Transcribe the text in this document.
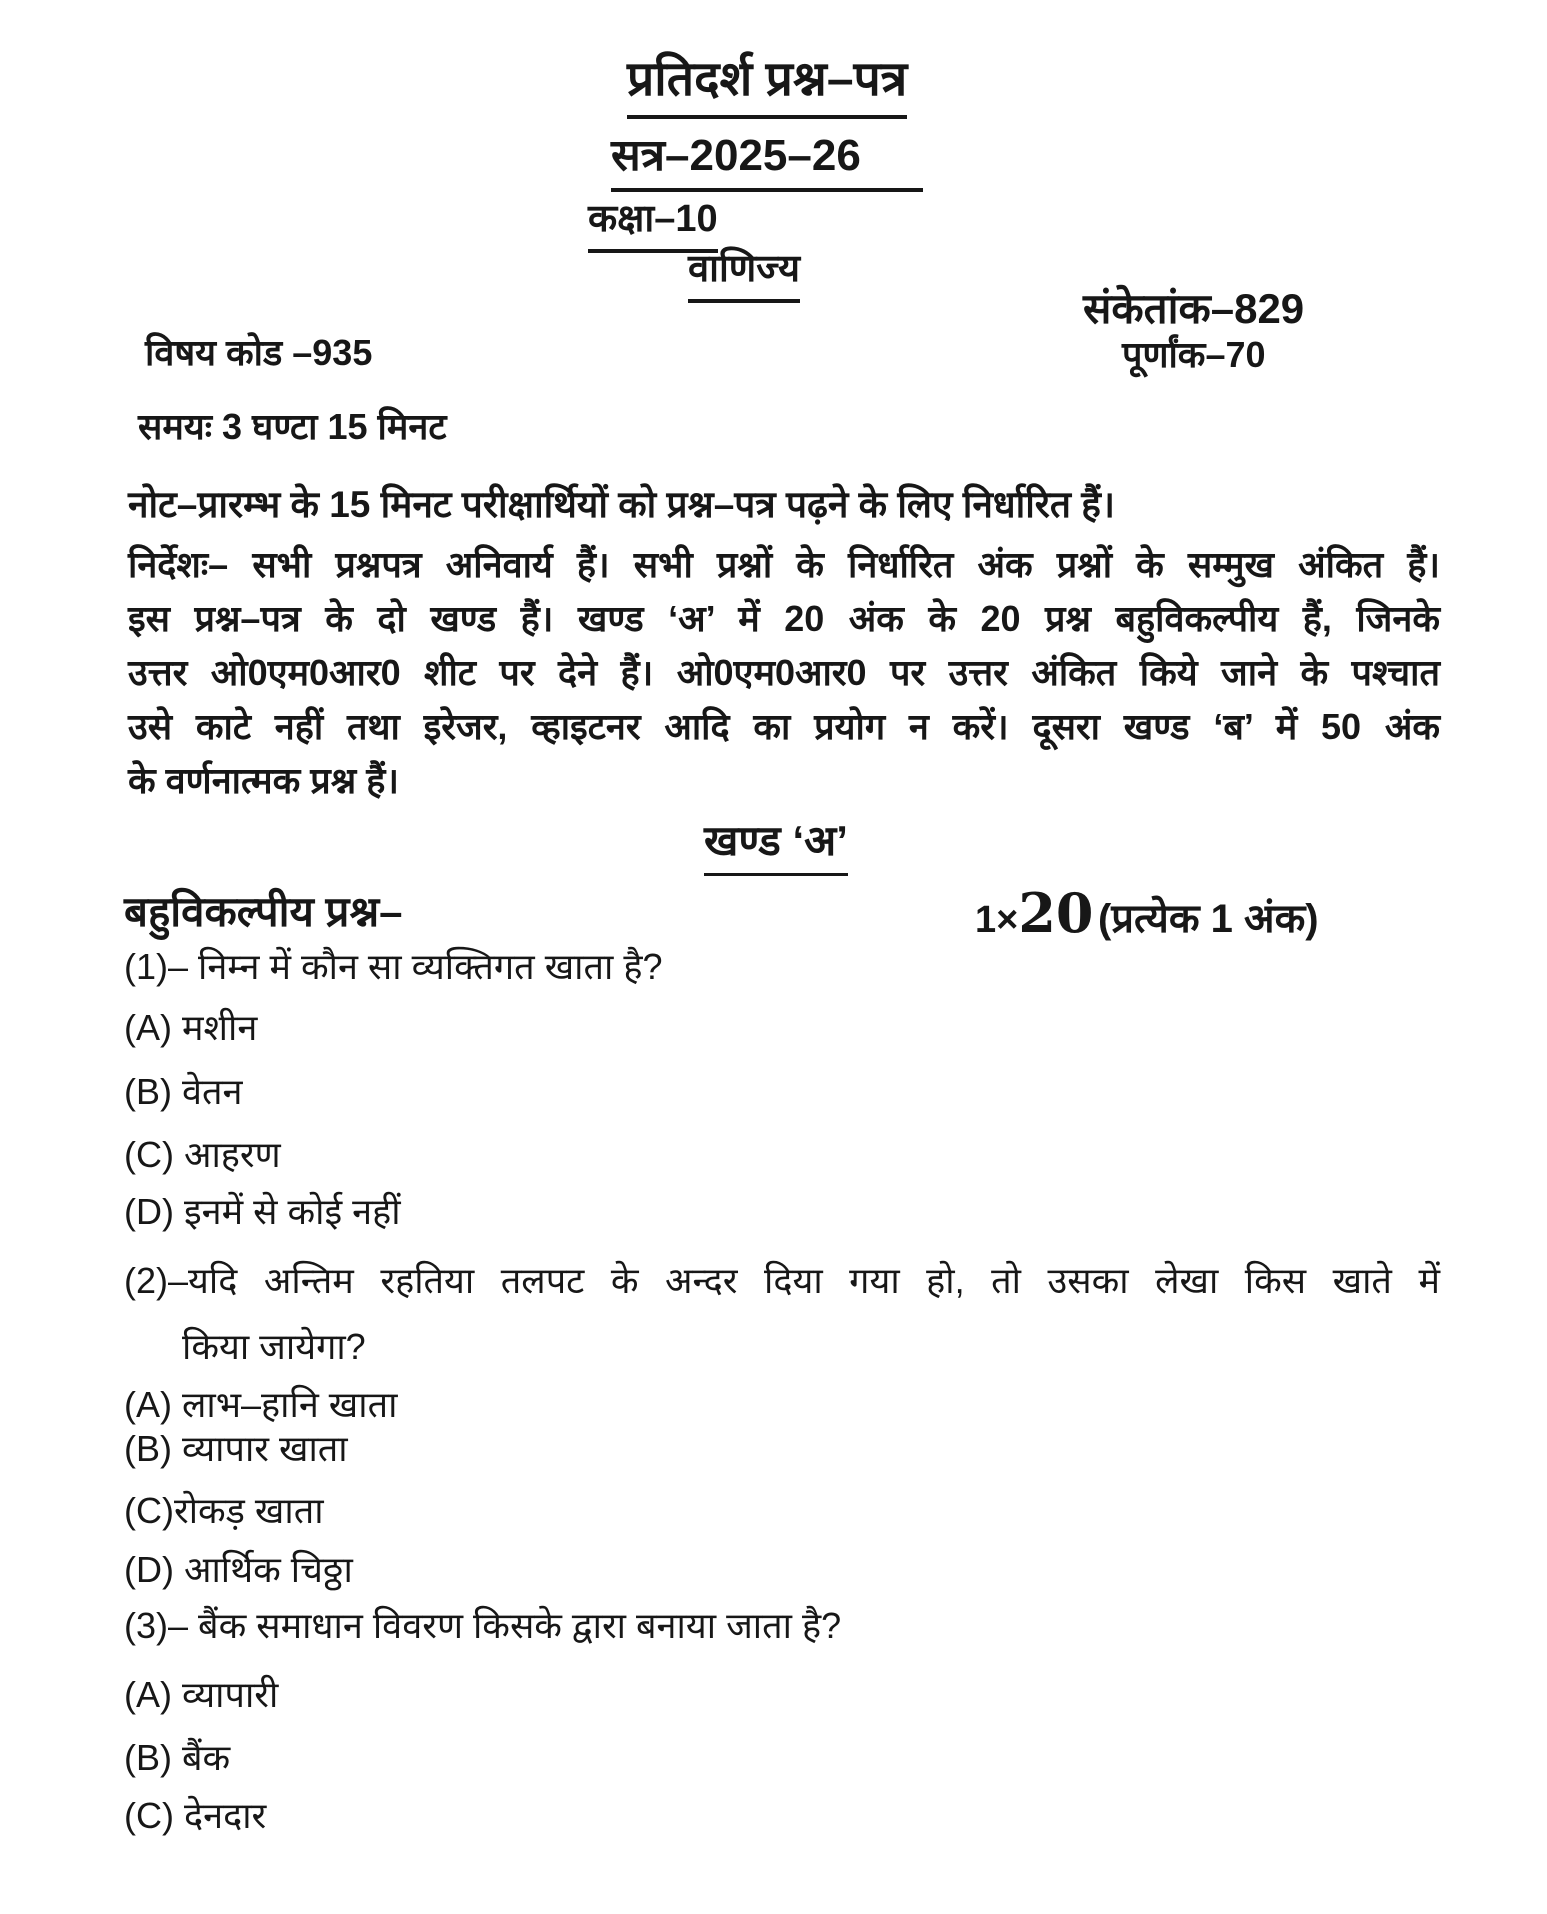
प्रतिदर्श प्रश्न–पत्र
सत्र–2025–26
कक्षा–10
वाणिज्य
संकेतांक–829
विषय कोड –935	पूर्णांक–70
समयः 3 घण्टा 15 मिनट
नोट–प्रारम्भ के 15 मिनट परीक्षार्थियों को प्रश्न–पत्र पढ़ने के लिए निर्धारित हैं।
निर्देशः– सभी प्रश्नपत्र अनिवार्य हैं। सभी प्रश्नों के निर्धारित अंक प्रश्नों के सम्मुख अंकित हैं।
इस प्रश्न–पत्र के दो खण्ड हैं। खण्ड ‘अ’ में 20 अंक के 20 प्रश्न बहुविकल्पीय हैं, जिनके
उत्तर ओ0एम0आर0 शीट पर देने हैं। ओ0एम0आर0 पर उत्तर अंकित किये जाने के पश्चात
उसे काटे नहीं तथा इरेजर, व्हाइटनर आदि का प्रयोग न करें। दूसरा खण्ड ‘ब’ में 50 अंक
के वर्णनात्मक प्रश्न हैं।
खण्ड ‘अ’
बहुविकल्पीय प्रश्न–	1×20 (प्रत्येक 1 अंक)
(1)– निम्न में कौन सा व्यक्तिगत खाता है?
(A) मशीन
(B) वेतन
(C) आहरण
(D) इनमें से कोई नहीं
(2)–यदि अन्तिम रहतिया तलपट के अन्दर दिया गया हो, तो उसका लेखा किस खाते में
किया जायेगा?
(A) लाभ–हानि खाता
(B) व्यापार खाता
(C)रोकड़ खाता
(D) आर्थिक चिठ्ठा
(3)– बैंक समाधान विवरण किसके द्वारा बनाया जाता है?
(A) व्यापारी
(B) बैंक
(C) देनदार
